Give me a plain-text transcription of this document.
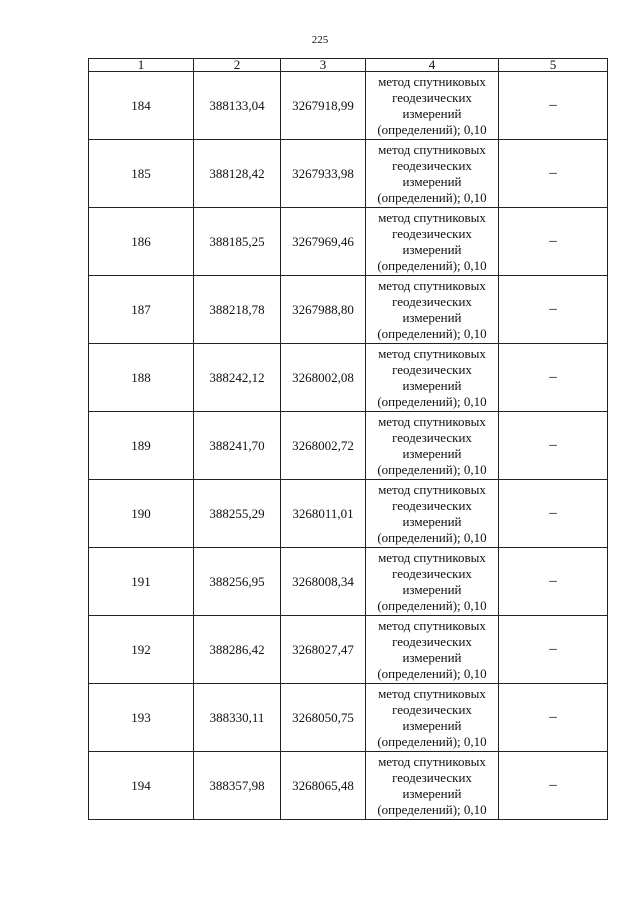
225
1	2	3	4	5
184	388133,04	3267918,99	метод спутниковых
геодезических
измерений
(определений); 0,10	–
185	388128,42	3267933,98	метод спутниковых
геодезических
измерений
(определений); 0,10	–
186	388185,25	3267969,46	метод спутниковых
геодезических
измерений
(определений); 0,10	–
187	388218,78	3267988,80	метод спутниковых
геодезических
измерений
(определений); 0,10	–
188	388242,12	3268002,08	метод спутниковых
геодезических
измерений
(определений); 0,10	–
189	388241,70	3268002,72	метод спутниковых
геодезических
измерений
(определений); 0,10	–
190	388255,29	3268011,01	метод спутниковых
геодезических
измерений
(определений); 0,10	–
191	388256,95	3268008,34	метод спутниковых
геодезических
измерений
(определений); 0,10	–
192	388286,42	3268027,47	метод спутниковых
геодезических
измерений
(определений); 0,10	–
193	388330,11	3268050,75	метод спутниковых
геодезических
измерений
(определений); 0,10	–
194	388357,98	3268065,48	метод спутниковых
геодезических
измерений
(определений); 0,10	–
